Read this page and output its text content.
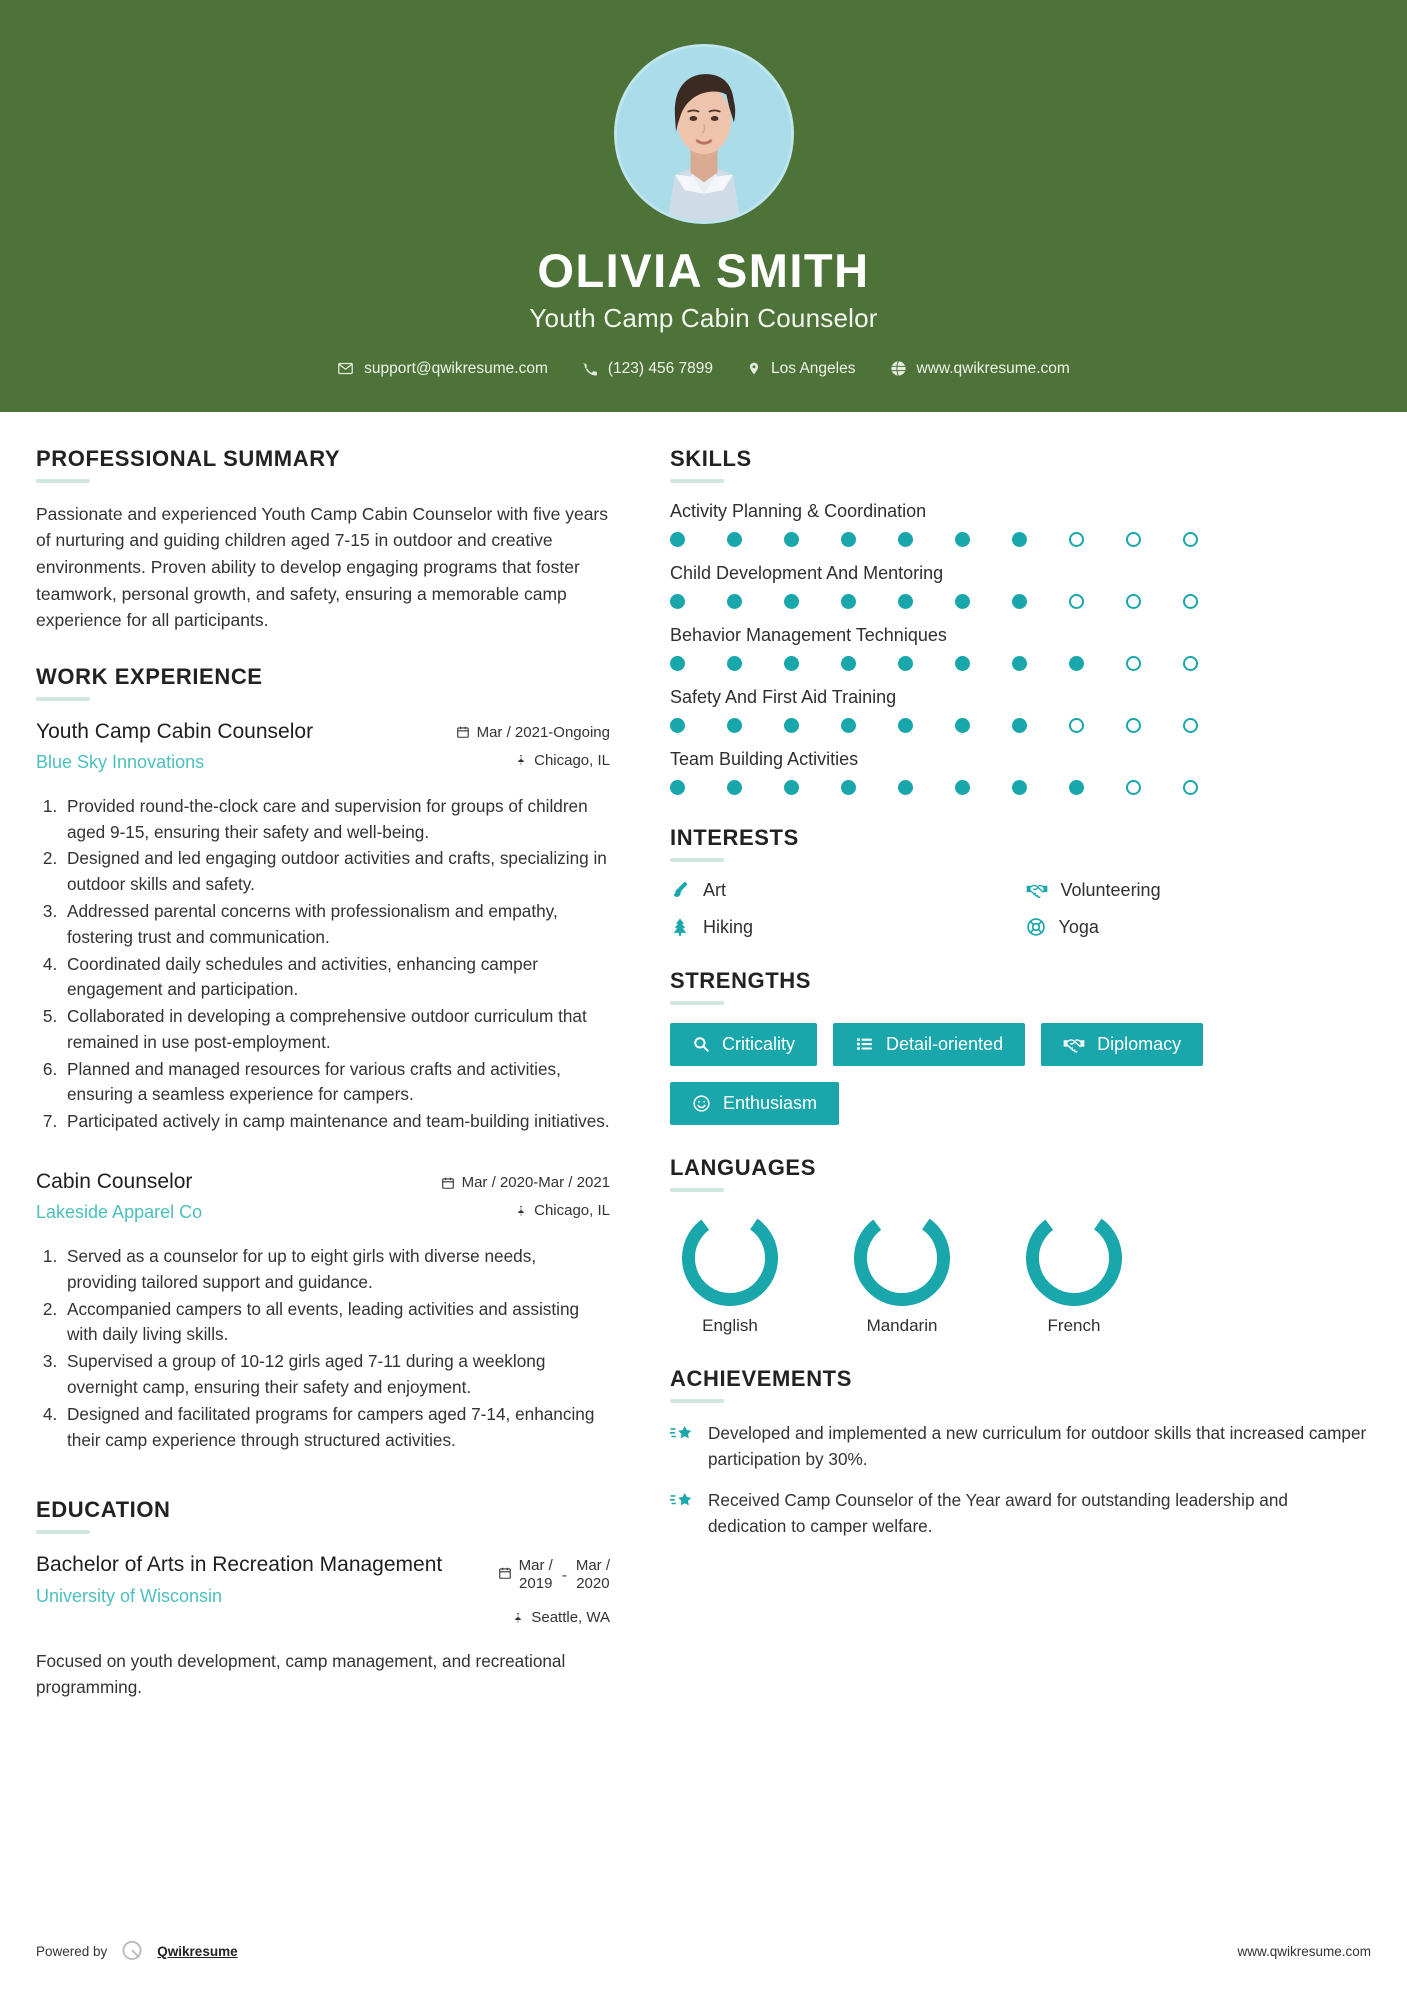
OLIVIA SMITH
Youth Camp Cabin Counselor
support@qwikresume.com	(123) 456 7899	Los Angeles	www.qwikresume.com
PROFESSIONAL SUMMARY
Passionate and experienced Youth Camp Cabin Counselor with five years of nurturing and guiding children aged 7-15 in outdoor and creative environments. Proven ability to develop engaging programs that foster teamwork, personal growth, and safety, ensuring a memorable camp experience for all participants.
WORK EXPERIENCE
Youth Camp Cabin Counselor
Blue Sky Innovations
Mar / 2021-Ongoing
Chicago, IL
1. Provided round-the-clock care and supervision for groups of children aged 9-15, ensuring their safety and well-being.
2. Designed and led engaging outdoor activities and crafts, specializing in outdoor skills and safety.
3. Addressed parental concerns with professionalism and empathy, fostering trust and communication.
4. Coordinated daily schedules and activities, enhancing camper engagement and participation.
5. Collaborated in developing a comprehensive outdoor curriculum that remained in use post-employment.
6. Planned and managed resources for various crafts and activities, ensuring a seamless experience for campers.
7. Participated actively in camp maintenance and team-building initiatives.
Cabin Counselor
Lakeside Apparel Co
Mar / 2020-Mar / 2021
Chicago, IL
1. Served as a counselor for up to eight girls with diverse needs, providing tailored support and guidance.
2. Accompanied campers to all events, leading activities and assisting with daily living skills.
3. Supervised a group of 10-12 girls aged 7-11 during a weeklong overnight camp, ensuring their safety and enjoyment.
4. Designed and facilitated programs for campers aged 7-14, enhancing their camp experience through structured activities.
EDUCATION
Bachelor of Arts in Recreation Management
University of Wisconsin
Mar /
2019 -
Mar /
2020
Seattle, WA
Focused on youth development, camp management, and recreational programming.
SKILLS
Activity Planning & Coordination
Child Development And Mentoring
Behavior Management Techniques
Safety And First Aid Training
Team Building Activities
INTERESTS
Art	Volunteering
Hiking	Yoga
STRENGTHS
Criticality	Detail-oriented	Diplomacy
Enthusiasm
LANGUAGES
English	Mandarin	French
ACHIEVEMENTS
Developed and implemented a new curriculum for outdoor skills that increased camper participation by 30%.
Received Camp Counselor of the Year award for outstanding leadership and dedication to camper welfare.
Powered by	Qwikresume	www.qwikresume.com
